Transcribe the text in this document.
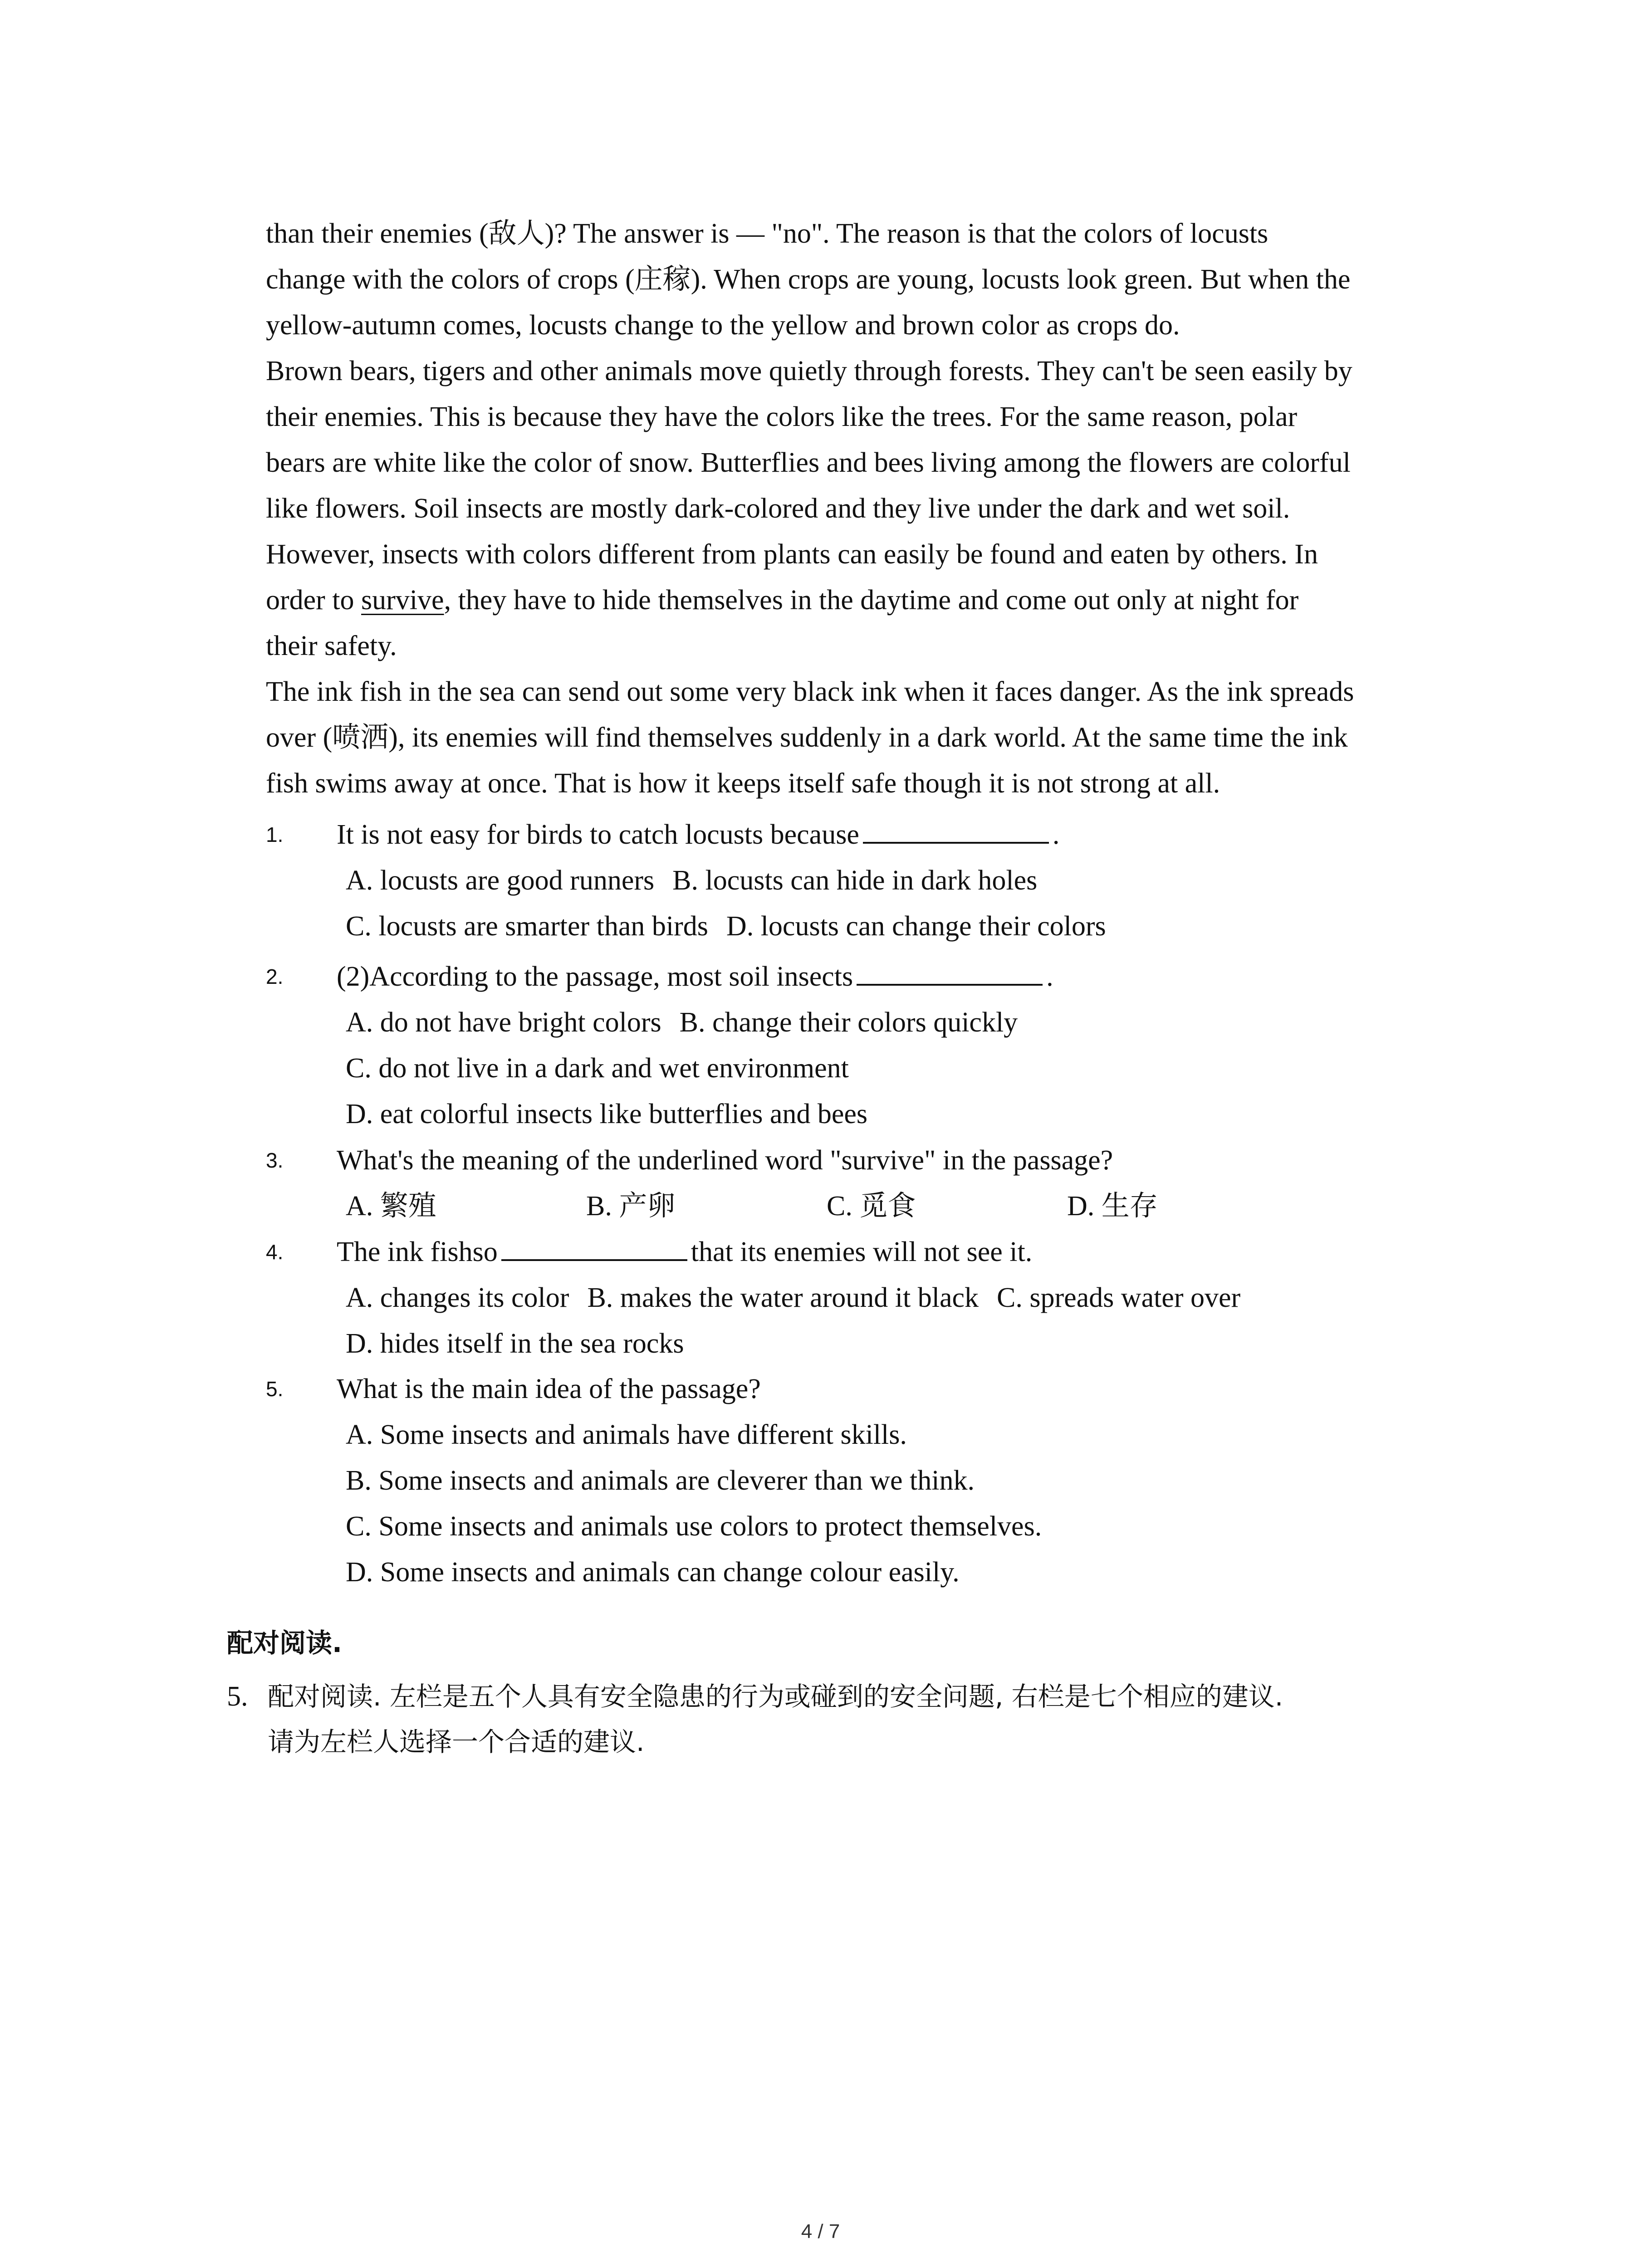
than their enemies (敌人)? The answer is — "no". The reason is that the colors of locusts
change with the colors of crops (庄稼). When crops are young, locusts look green. But when the
yellow-autumn comes, locusts change to the yellow and brown color as crops do.
Brown bears, tigers and other animals move quietly through forests. They can't be seen easily by
their enemies. This is because they have the colors like the trees. For the same reason, polar
bears are white like the color of snow. Butterflies and bees living among the flowers are colorful
like flowers. Soil insects are mostly dark-colored and they live under the dark and wet soil.
However, insects with colors different from plants can easily be found and eaten by others. In
order to survive, they have to hide themselves in the daytime and come out only at night for
their safety.
The ink fish in the sea can send out some very black ink when it faces danger. As the ink spreads
over (喷洒), its enemies will find themselves suddenly in a dark world. At the same time the ink
fish swims away at once. That is how it keeps itself safe though it is not strong at all.
1. It is not easy for birds to catch locusts because	.
A. locusts are good runners B. locusts can hide in dark holes
C. locusts are smarter than birds D. locusts can change their colors
2. (2)According to the passage, most soil insects	.
A. do not have bright colors B. change their colors quickly
C. do not live in a dark and wet environment
D. eat colorful insects like butterflies and bees
3. What's the meaning of the underlined word "survive" in the passage?
A. 繁殖	B. 产卵	C. 觅食	D. 生存
4. The ink fishso	that its enemies will not see it.
A. changes its color B. makes the water around it black C. spreads water over
D. hides itself in the sea rocks
5. What is the main idea of the passage?
A. Some insects and animals have different skills.
B. Some insects and animals are cleverer than we think.
C. Some insects and animals use colors to protect themselves.
D. Some insects and animals can change colour easily.
配对阅读.
5. 配对阅读. 左栏是五个人具有安全隐患的行为或碰到的安全问题, 右栏是七个相应的建议.
请为左栏人选择一个合适的建议.
4 / 7
